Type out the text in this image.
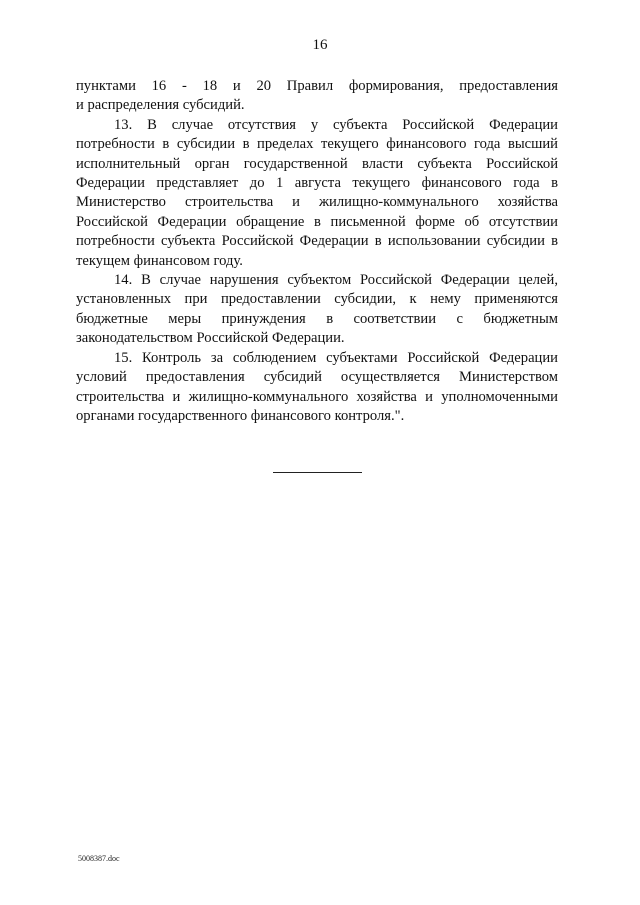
16

пунктами 16 - 18 и 20 Правил формирования, предоставления
и распределения субсидий.

13. В случае отсутствия у субъекта Российской Федерации потребности в субсидии в пределах текущего финансового года высший исполнительный орган государственной власти субъекта Российской Федерации представляет до 1 августа текущего финансового года в Министерство строительства и жилищно-коммунального хозяйства Российской Федерации обращение в письменной форме об отсутствии потребности субъекта Российской Федерации в использовании субсидии в текущем финансовом году.

14. В случае нарушения субъектом Российской Федерации целей, установленных при предоставлении субсидии, к нему применяются бюджетные меры принуждения в соответствии с бюджетным законодательством Российской Федерации.

15. Контроль за соблюдением субъектами Российской Федерации условий предоставления субсидий осуществляется Министерством строительства и жилищно-коммунального хозяйства и уполномоченными органами государственного финансового контроля.".

5008387.doc
